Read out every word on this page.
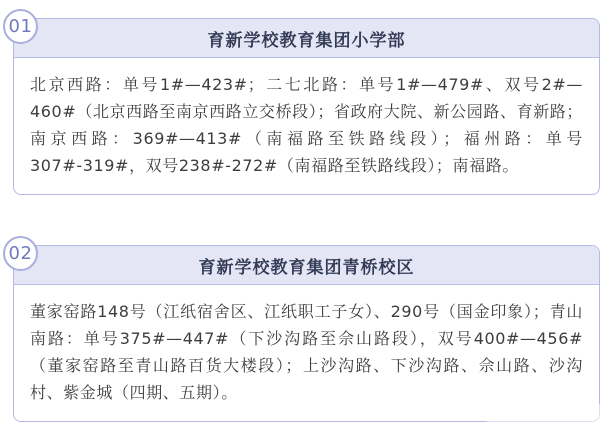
01
育新学校教育集团小学部
北京西路：单号1#—423#；二七北路：单号1#—479#、双号2#—460#（北京西路至南京西路立交桥段）；省政府大院、新公园路、育新路；南京西路：369#—413#（南福路至铁路线段）；福州路：单号307#-319#，双号238#-272#（南福路至铁路线段）；南福路。
02
育新学校教育集团青桥校区
董家窑路148号（江纸宿舍区、江纸职工子女）、290号（国金印象）；青山南路：单号375#—447#（下沙沟路至佘山路段），双号400#—456#（董家窑路至青山路百货大楼段）；上沙沟路、下沙沟路、佘山路、沙沟村、紫金城（四期、五期）。
